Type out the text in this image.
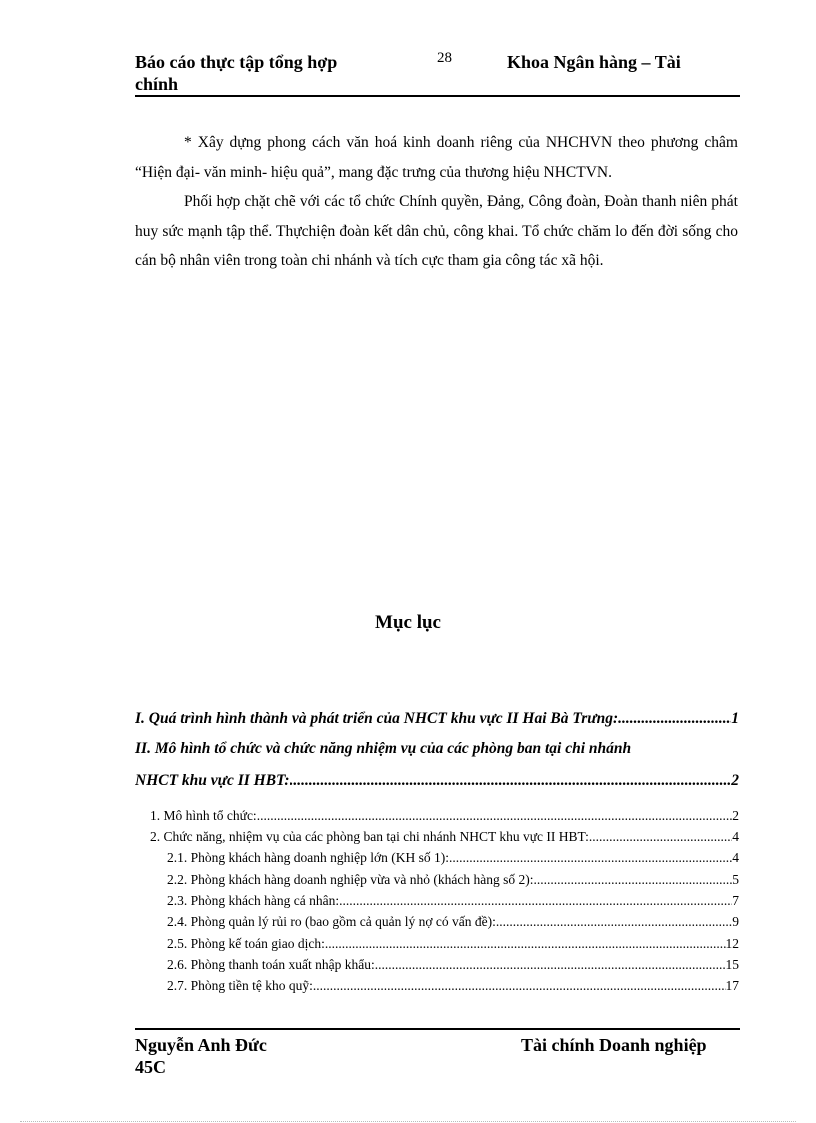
Báo cáo thực tập tổng hợp
chính
28	Khoa Ngân hàng – Tài

* Xây dựng phong cách văn hoá kinh doanh riêng của NHCHVN theo phương châm “Hiện đại- văn minh- hiệu quả”, mang đặc trưng của thương hiệu NHCTVN.

Phối hợp chặt chẽ với các tổ chức Chính quyền, Đảng, Công đoàn, Đoàn thanh niên phát huy sức mạnh tập thể. Thựchiện đoàn kết dân chủ, công khai. Tổ chức chăm lo đến đời sống cho cán bộ nhân viên trong toàn chi nhánh và tích cực tham gia công tác xã hội.

Mục lục
I. Quá trình hình thành và phát triển của NHCT khu vực II Hai Bà Trưng: .....	1
II. Mô hình tổ chức và chức năng nhiệm vụ của các phòng ban tại chi nhánh
NHCT khu vực II HBT: .....	2
1. Mô hình tổ chức: .....	2
2. Chức năng, nhiệm vụ của các phòng ban tại chi nhánh NHCT khu vực II HBT: .....	4
2.1. Phòng khách hàng doanh nghiệp lớn (KH số 1): .....	4
2.2. Phòng khách hàng doanh nghiệp vừa và nhỏ (khách hàng số 2): .....	5
2.3. Phòng khách hàng cá nhân: .....	7
2.4. Phòng quản lý rủi ro (bao gồm cả quản lý nợ có vấn đề): .....	9
2.5. Phòng kế toán giao dịch: .....	12
2.6. Phòng thanh toán xuất nhập khẩu: .....	15
2.7. Phòng tiền tệ kho quỹ: .....	17
Nguyễn Anh Đức
45C
Tài chính Doanh nghiệp
